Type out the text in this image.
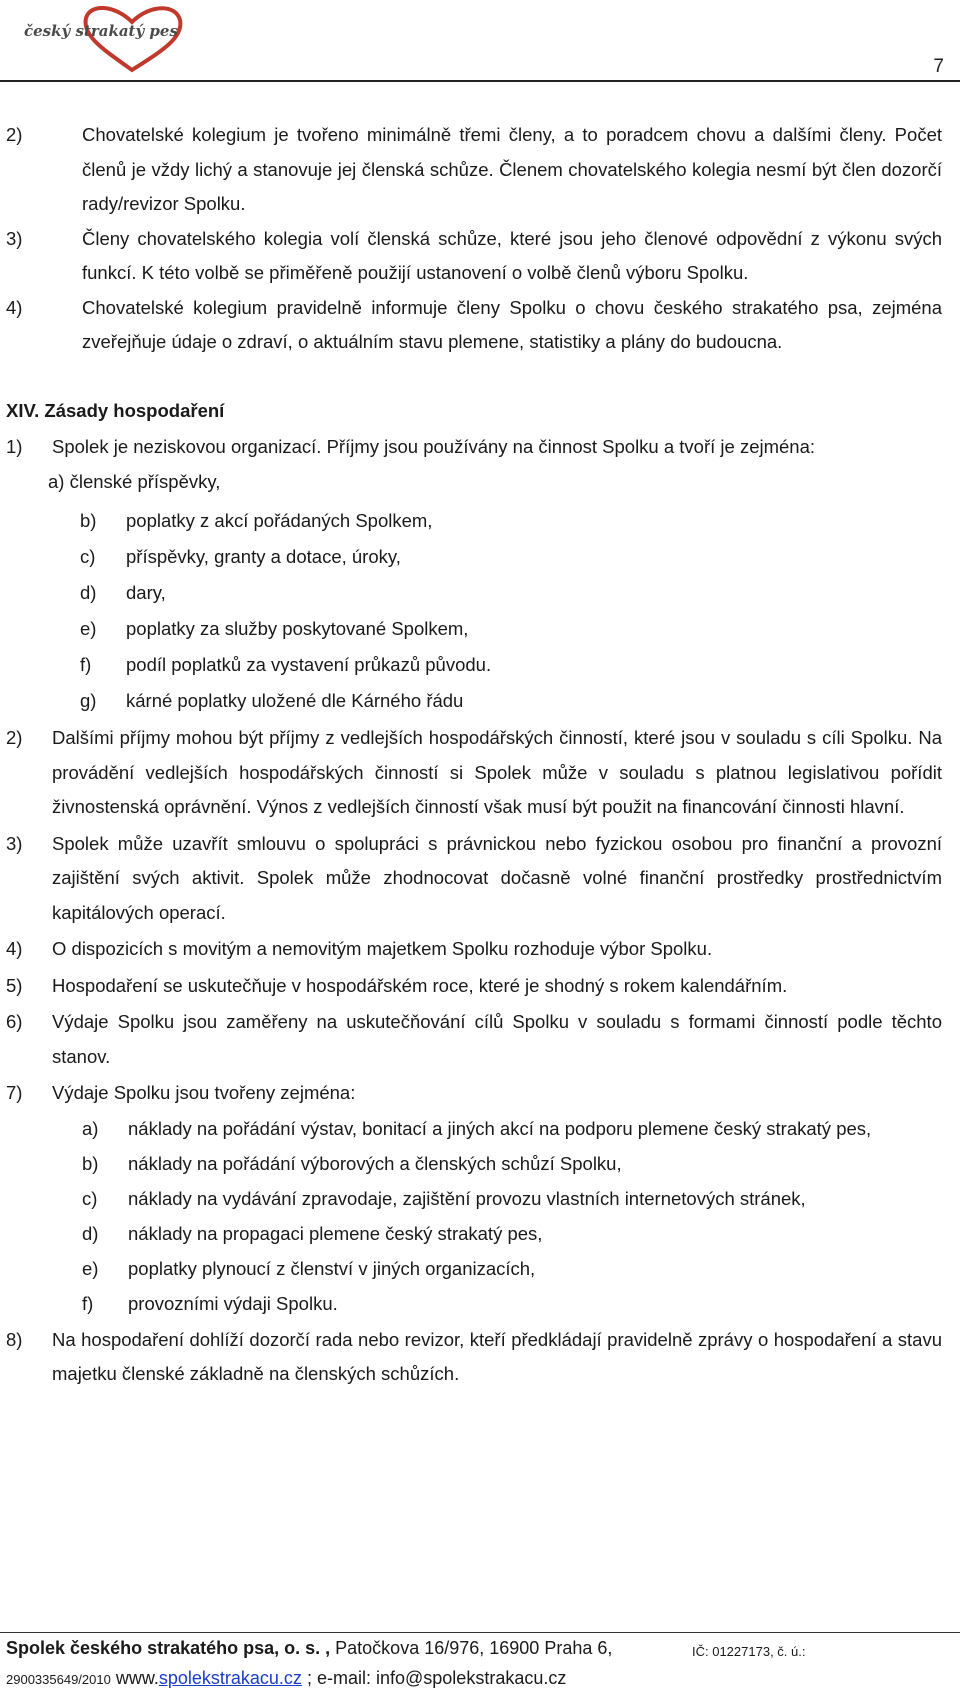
český strakatý pes
7

2)	Chovatelské kolegium je tvořeno minimálně třemi členy, a to poradcem chovu a dalšími členy. Počet členů je vždy lichý a stanovuje jej členská schůze. Členem chovatelského kolegia nesmí být člen dozorčí rady/revizor Spolku.

3)	Členy chovatelského kolegia volí členská schůze, které jsou jeho členové odpovědní z výkonu svých funkcí. K této volbě se přiměřeně použijí ustanovení o volbě členů výboru Spolku.

4)	Chovatelské kolegium pravidelně informuje členy Spolku o chovu českého strakatého psa, zejména zveřejňuje údaje o zdraví, o aktuálním stavu plemene, statistiky a plány do budoucna.

XIV. Zásady hospodaření

1) Spolek je neziskovou organizací. Příjmy jsou používány na činnost Spolku a tvoří je zejména:

a) členské příspěvky,

b) poplatky z akcí pořádaných Spolkem,

c) příspěvky, granty a dotace, úroky,

d) dary,

e) poplatky za služby poskytované Spolkem,

f) podíl poplatků za vystavení průkazů původu.

g) kárné poplatky uložené dle Kárného řádu

2) Dalšími příjmy mohou být příjmy z vedlejších hospodářských činností, které jsou v souladu s cíli Spolku. Na provádění vedlejších hospodářských činností si Spolek může v souladu s platnou legislativou pořídit živnostenská oprávnění. Výnos z vedlejších činností však musí být použit na financování činnosti hlavní.

3) Spolek může uzavřít smlouvu o spolupráci s právnickou nebo fyzickou osobou pro finanční a provozní zajištění svých aktivit. Spolek může zhodnocovat dočasně volné finanční prostředky prostřednictvím kapitálových operací.

4) O dispozicích s movitým a nemovitým majetkem Spolku rozhoduje výbor Spolku.

5) Hospodaření se uskutečňuje v hospodářském roce, které je shodný s rokem kalendářním.

6) Výdaje Spolku jsou zaměřeny na uskutečňování cílů Spolku v souladu s formami činností podle těchto stanov.

7) Výdaje Spolku jsou tvořeny zejména:

a) náklady na pořádání výstav, bonitací a jiných akcí na podporu plemene český strakatý pes,

b) náklady na pořádání výborových a členských schůzí Spolku,

c) náklady na vydávání zpravodaje, zajištění provozu vlastních internetových stránek,

d) náklady na propagaci plemene český strakatý pes,

e) poplatky plynoucí z členství v jiných organizacích,

f) provozními výdaji Spolku.

8) Na hospodaření dohlíží dozorčí rada nebo revizor, kteří předkládají pravidelně zprávy o hospodaření a stavu majetku členské základně na členských schůzích.

Spolek českého strakatého psa, o. s. , Patočkova 16/976, 16900 Praha 6,	IČ: 01227173, č. ú.:
2900335649/2010 www.spolekstrakacu.cz ; e-mail: info@spolekstrakacu.cz
